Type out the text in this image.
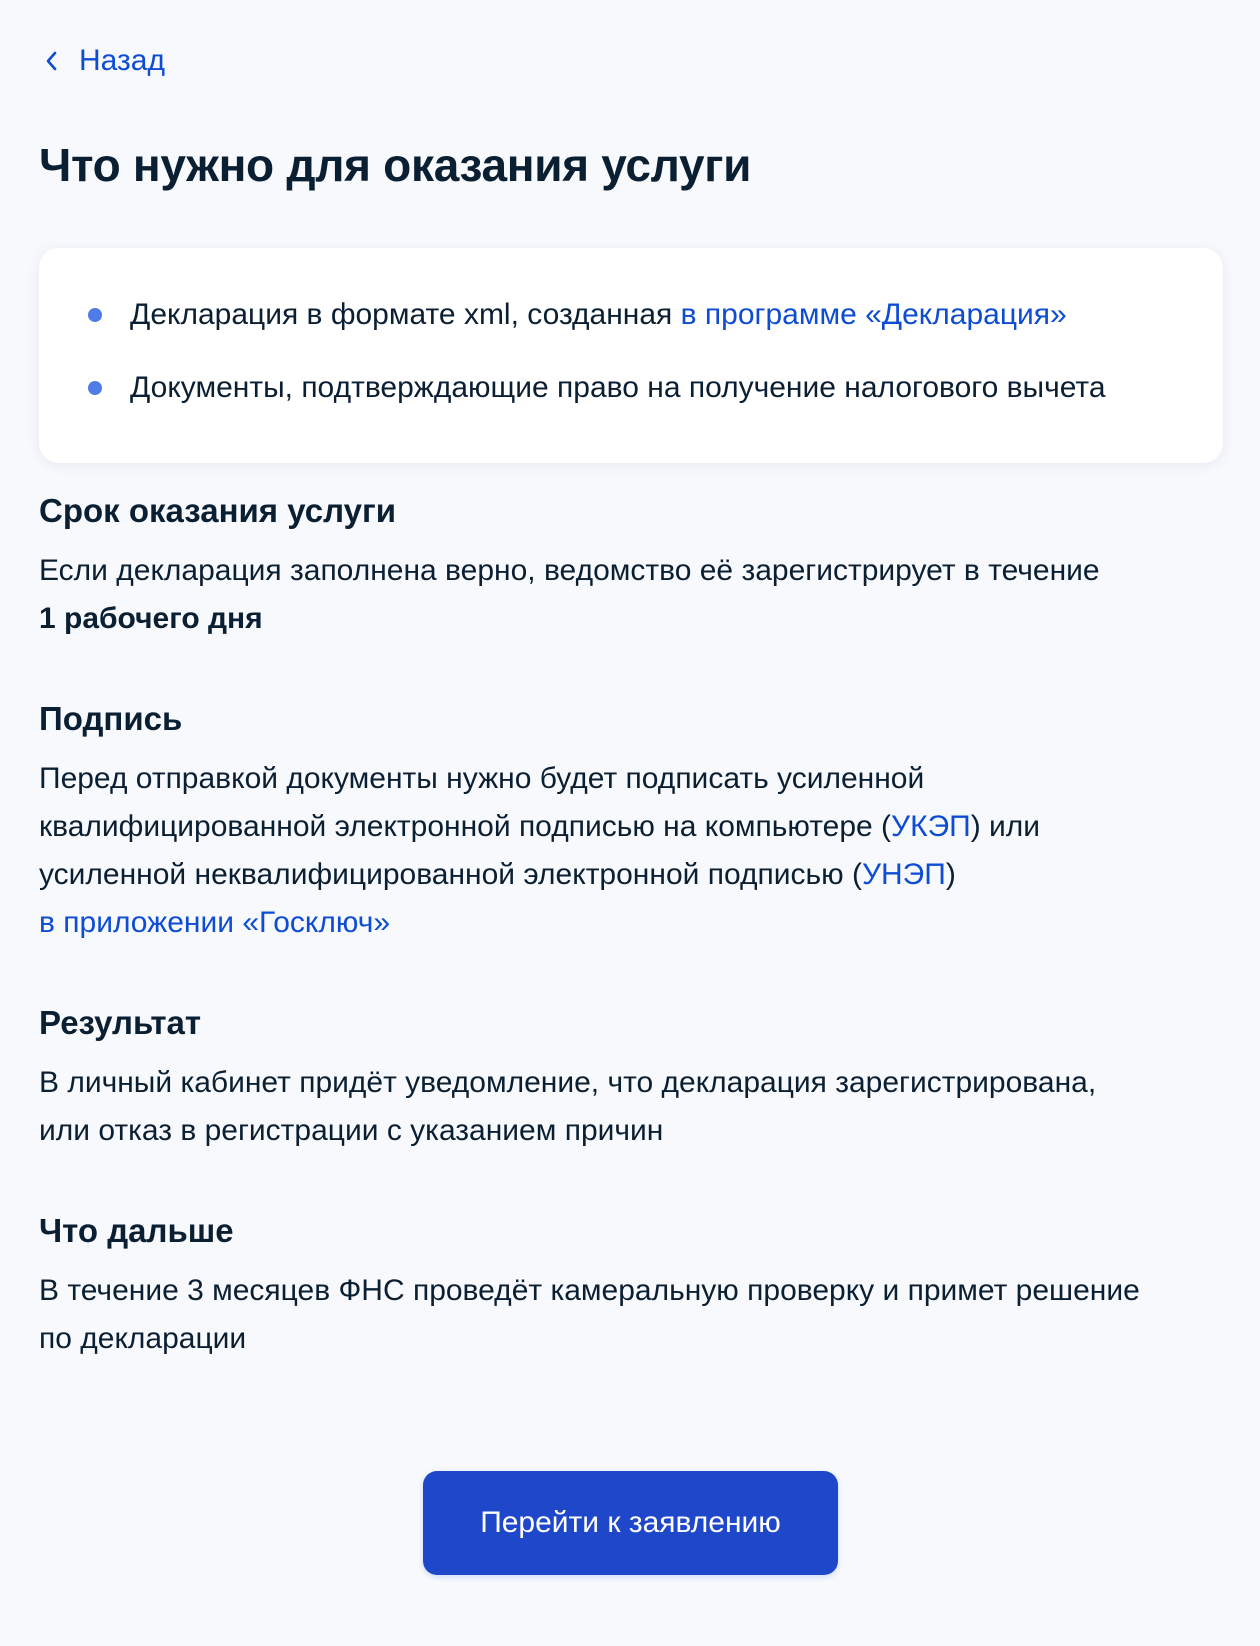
Назад
Что нужно для оказания услуги
Декларация в формате xml, созданная в программе «Декларация»
Документы, подтверждающие право на получение налогового вычета
Срок оказания услуги

Если декларация заполнена верно, ведомство её зарегистрирует в течение
1 рабочего дня

Подпись

Перед отправкой документы нужно будет подписать усиленной
квалифицированной электронной подписью на компьютере (УКЭП) или
усиленной неквалифицированной электронной подписью (УНЭП)
в приложении «Госключ»

Результат

В личный кабинет придёт уведомление, что декларация зарегистрирована,
или отказ в регистрации с указанием причин

Что дальше

В течение 3 месяцев ФНС проведёт камеральную проверку и примет решение
по декларации

Перейти к заявлению
